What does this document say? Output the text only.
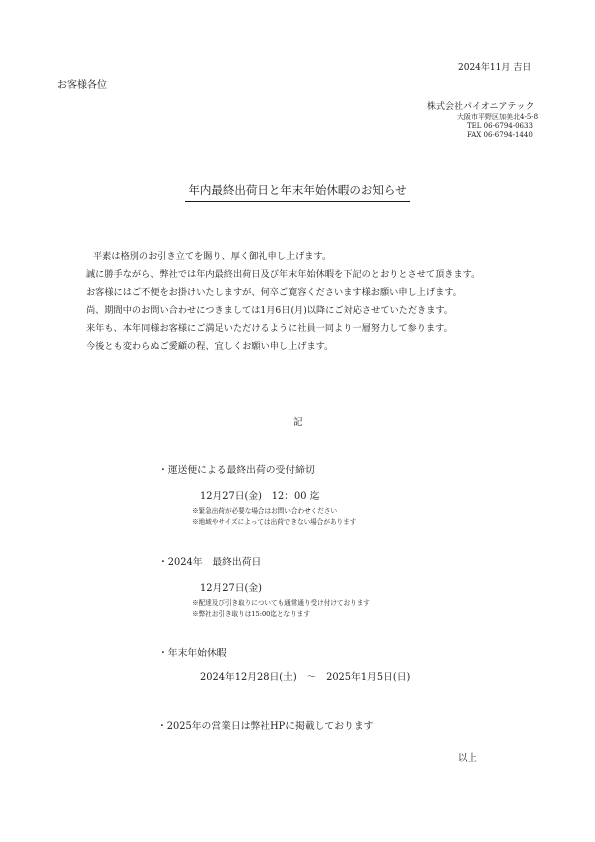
2024年11月 吉日
お客様各位
株式会社パイオニアテック
大阪市平野区加美北4-5-8
TEL 06-6794-0633
FAX 06-6794-1440
年内最終出荷日と年末年始休暇のお知らせ

平素は格別のお引き立てを賜り、厚く御礼申し上げます。

誠に勝手ながら、弊社では年内最終出荷日及び年末年始休暇を下記のとおりとさせて頂きます。

お客様にはご不便をお掛けいたしますが、何卒ご寛容くださいます様お願い申し上げます。

尚、期間中のお問い合わせにつきましては1月6日(月)以降にご対応させていただきます。

来年も、本年同様お客様にご満足いただけるように社員一同より一層努力して参ります。

今後とも変わらぬご愛顧の程、宜しくお願い申し上げます。

記
・運送便による最終出荷の受付締切
12月27日(金)　12：00 迄
※緊急出荷が必要な場合はお問い合わせください
※地域やサイズによっては出荷できない場合があります
・2024年　最終出荷日
12月27日(金)
※配達及び引き取りについても通常通り受け付けております
※弊社お引き取りは15:00迄となります
・年末年始休暇
2024年12月28日(土)　～　2025年1月5日(日)
・2025年の営業日は弊社HPに掲載しております
以上
